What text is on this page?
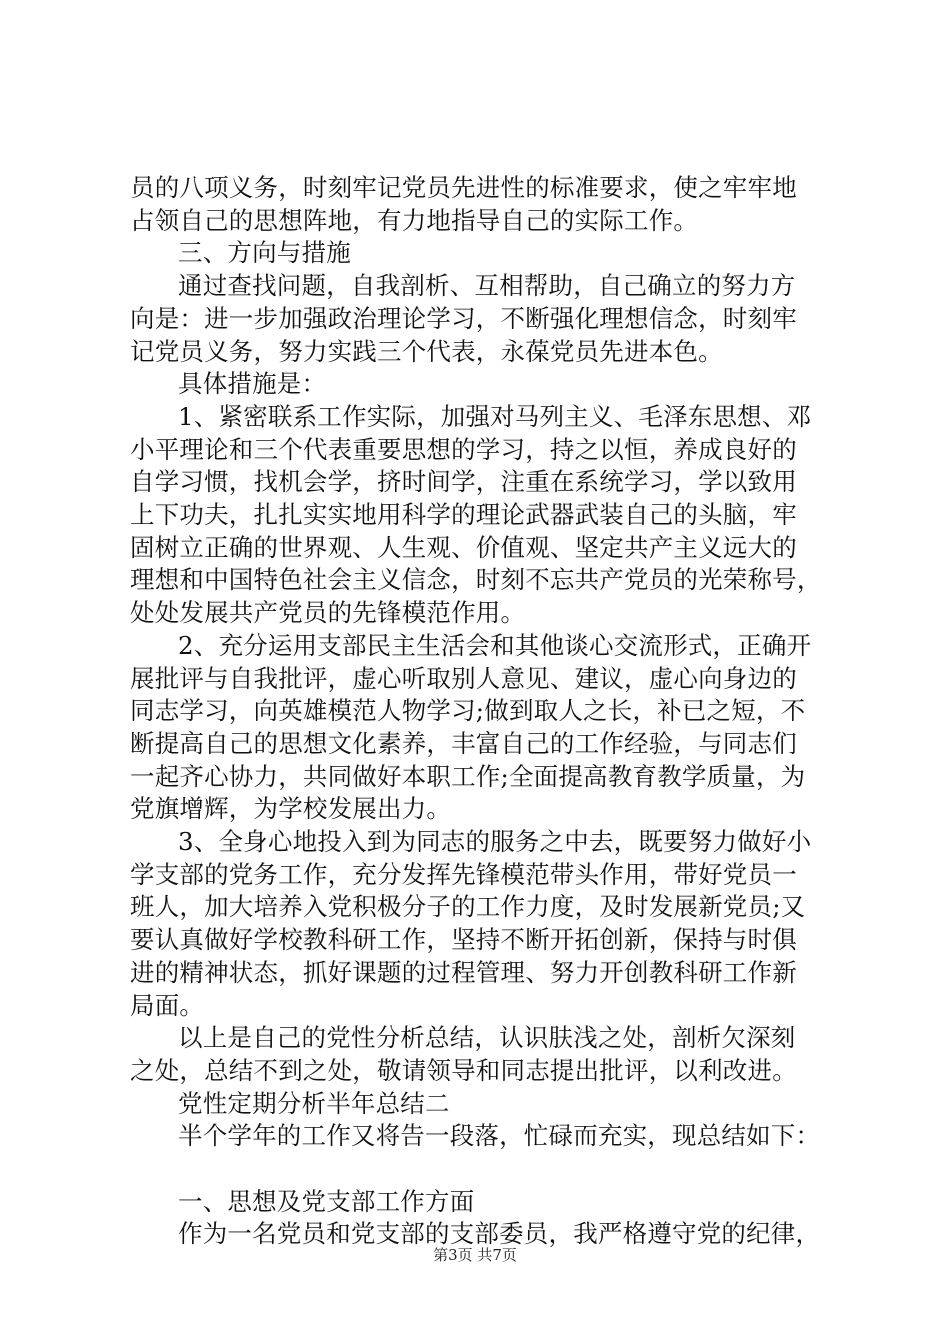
员的八项义务，时刻牢记党员先进性的标准要求，使之牢牢地

占领自己的思想阵地，有力地指导自己的实际工作。

三、方向与措施

通过查找问题，自我剖析、互相帮助，自己确立的努力方

向是：进一步加强政治理论学习，不断强化理想信念，时刻牢

记党员义务，努力实践三个代表，永葆党员先进本色。

具体措施是：

1、紧密联系工作实际，加强对马列主义、毛泽东思想、邓

小平理论和三个代表重要思想的学习，持之以恒，养成良好的

自学习惯，找机会学，挤时间学，注重在系统学习，学以致用

上下功夫，扎扎实实地用科学的理论武器武装自己的头脑，牢

固树立正确的世界观、人生观、价值观、坚定共产主义远大的

理想和中国特色社会主义信念，时刻不忘共产党员的光荣称号，

处处发展共产党员的先锋模范作用。

2、充分运用支部民主生活会和其他谈心交流形式，正确开

展批评与自我批评，虚心听取别人意见、建议，虚心向身边的

同志学习，向英雄模范人物学习;做到取人之长，补已之短，不

断提高自己的思想文化素养，丰富自己的工作经验，与同志们

一起齐心协力，共同做好本职工作;全面提高教育教学质量，为

党旗增辉，为学校发展出力。

3、全身心地投入到为同志的服务之中去，既要努力做好小

学支部的党务工作，充分发挥先锋模范带头作用，带好党员一

班人，加大培养入党积极分子的工作力度，及时发展新党员;又

要认真做好学校教科研工作，坚持不断开拓创新，保持与时俱

进的精神状态，抓好课题的过程管理、努力开创教科研工作新

局面。

以上是自己的党性分析总结，认识肤浅之处，剖析欠深刻

之处，总结不到之处，敬请领导和同志提出批评，以利改进。

党性定期分析半年总结二

半个学年的工作又将告一段落，忙碌而充实，现总结如下：

一、思想及党支部工作方面

作为一名党员和党支部的支部委员，我严格遵守党的纪律，

第3页 共7页
